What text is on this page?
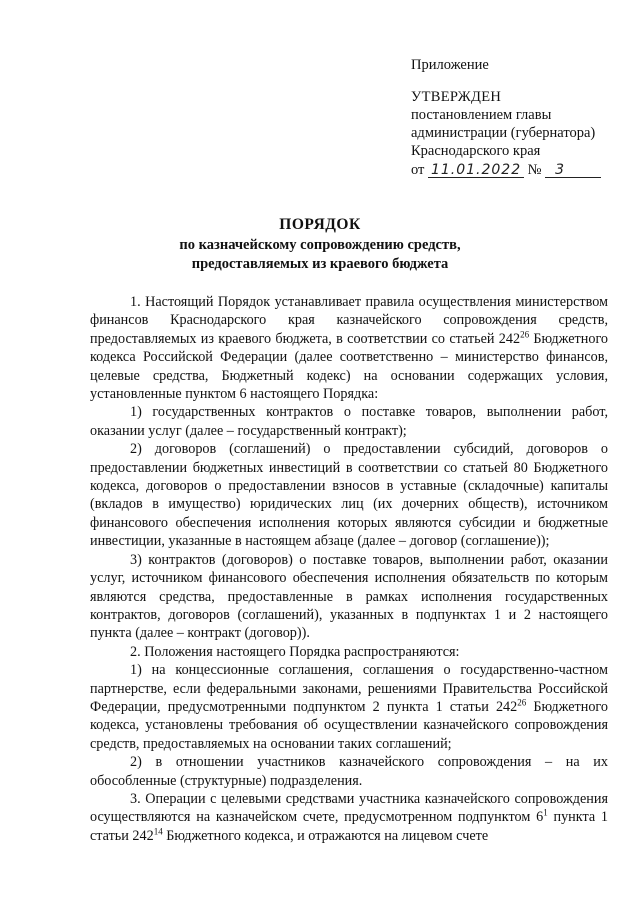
Приложение
УТВЕРЖДЕН
постановлением главы
администрации (губернатора)
Краснодарского края
от 11.01.2022 № 3
ПОРЯДОК
по казначейскому сопровождению средств,
предоставляемых из краевого бюджета

1. Настоящий Порядок устанавливает правила осуществления министерством финансов Краснодарского края казначейского сопровождения средств, предоставляемых из краевого бюджета, в соответствии со статьей $242^{26}$ Бюджетного кодекса Российской Федерации (далее соответственно – министерство финансов, целевые средства, Бюджетный кодекс) на основании содержащих условия, установленные пунктом 6 настоящего Порядка:

1) государственных контрактов о поставке товаров, выполнении работ, оказании услуг (далее – государственный контракт);

2) договоров (соглашений) о предоставлении субсидий, договоров о предоставлении бюджетных инвестиций в соответствии со статьей 80 Бюджетного кодекса, договоров о предоставлении взносов в уставные (складочные) капиталы (вкладов в имущество) юридических лиц (их дочерних обществ), источником финансового обеспечения исполнения которых являются субсидии и бюджетные инвестиции, указанные в настоящем абзаце (далее – договор (соглашение));

3) контрактов (договоров) о поставке товаров, выполнении работ, оказании услуг, источником финансового обеспечения исполнения обязательств по которым являются средства, предоставленные в рамках исполнения государственных контрактов, договоров (соглашений), указанных в подпунктах 1 и 2 настоящего пункта (далее – контракт (договор)).

2. Положения настоящего Порядка распространяются:

1) на концессионные соглашения, соглашения о государственно-частном партнерстве, если федеральными законами, решениями Правительства Российской Федерации, предусмотренными подпунктом 2 пункта 1 статьи $242^{26}$ Бюджетного кодекса, установлены требования об осуществлении казначейского сопровождения средств, предоставляемых на основании таких соглашений;

2) в отношении участников казначейского сопровождения – на их обособленные (структурные) подразделения.

3. Операции с целевыми средствами участника казначейского сопровождения осуществляются на казначейском счете, предусмотренном подпунктом $6^1$ пункта 1 статьи $242^{14}$ Бюджетного кодекса, и отражаются на лицевом счете
